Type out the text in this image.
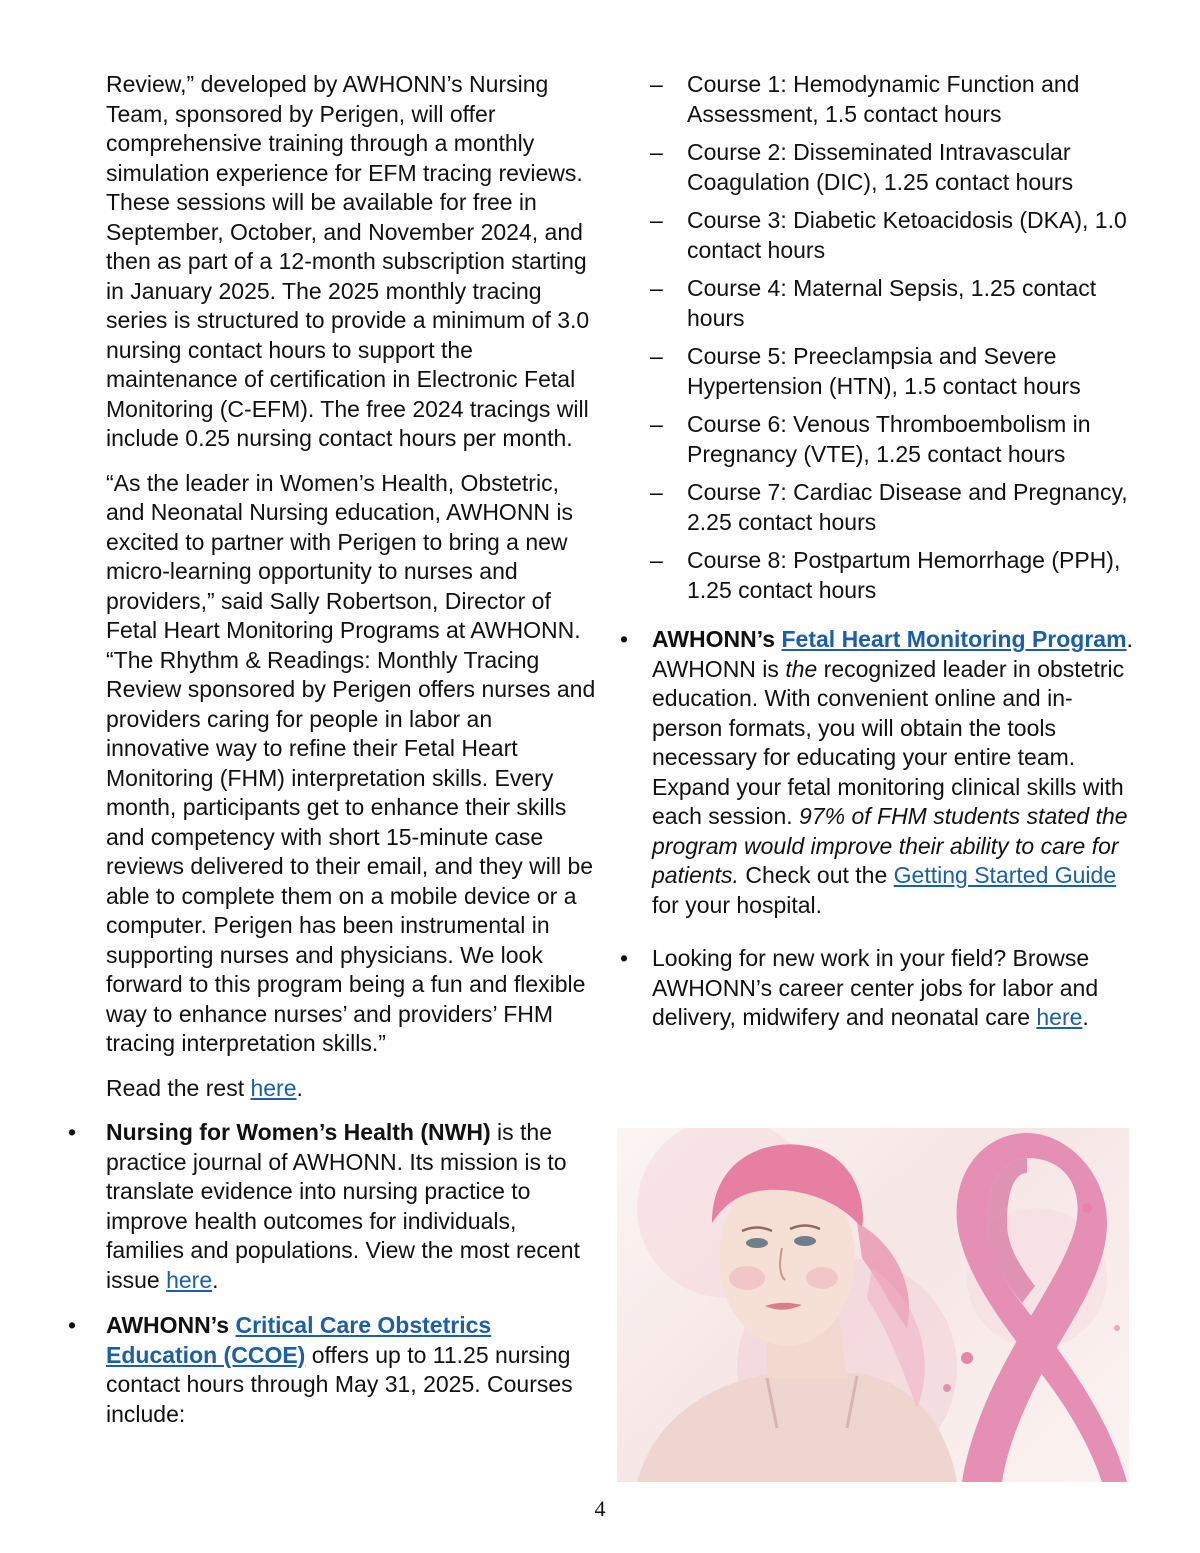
Review,” developed by AWHONN’s Nursing Team, sponsored by Perigen, will offer comprehensive training through a monthly simulation experience for EFM tracing reviews. These sessions will be available for free in September, October, and November 2024, and then as part of a 12-month subscription starting in January 2025. The 2025 monthly tracing series is structured to provide a minimum of 3.0 nursing contact hours to support the maintenance of certification in Electronic Fetal Monitoring (C-EFM). The free 2024 tracings will include 0.25 nursing contact hours per month.

“As the leader in Women’s Health, Obstetric, and Neonatal Nursing education, AWHONN is excited to partner with Perigen to bring a new micro-learning opportunity to nurses and providers,” said Sally Robertson, Director of Fetal Heart Monitoring Programs at AWHONN. “The Rhythm & Readings: Monthly Tracing Review sponsored by Perigen offers nurses and providers caring for people in labor an innovative way to refine their Fetal Heart Monitoring (FHM) interpretation skills. Every month, participants get to enhance their skills and competency with short 15-minute case reviews delivered to their email, and they will be able to complete them on a mobile device or a computer. Perigen has been instrumental in supporting nurses and physicians. We look forward to this program being a fun and flexible way to enhance nurses’ and providers’ FHM tracing interpretation skills.”

Read the rest here.

• Nursing for Women’s Health (NWH) is the practice journal of AWHONN. Its mission is to translate evidence into nursing practice to improve health outcomes for individuals, families and populations. View the most recent issue here.
• AWHONN’s Critical Care Obstetrics Education (CCOE) offers up to 11.25 nursing contact hours through May 31, 2025. Courses include:
– Course 1: Hemodynamic Function and Assessment, 1.5 contact hours
– Course 2: Disseminated Intravascular Coagulation (DIC), 1.25 contact hours
– Course 3: Diabetic Ketoacidosis (DKA), 1.0 contact hours
– Course 4: Maternal Sepsis, 1.25 contact hours
– Course 5: Preeclampsia and Severe Hypertension (HTN), 1.5 contact hours
– Course 6: Venous Thromboembolism in Pregnancy (VTE), 1.25 contact hours
– Course 7: Cardiac Disease and Pregnancy, 2.25 contact hours
– Course 8: Postpartum Hemorrhage (PPH), 1.25 contact hours
• AWHONN’s Fetal Heart Monitoring Program. AWHONN is the recognized leader in obstetric education. With convenient online and in-person formats, you will obtain the tools necessary for educating your entire team. Expand your fetal monitoring clinical skills with each session. 97% of FHM students stated the program would improve their ability to care for patients. Check out the Getting Started Guide for your hospital.
• Looking for new work in your field? Browse AWHONN’s career center jobs for labor and delivery, midwifery and neonatal care here.
4
